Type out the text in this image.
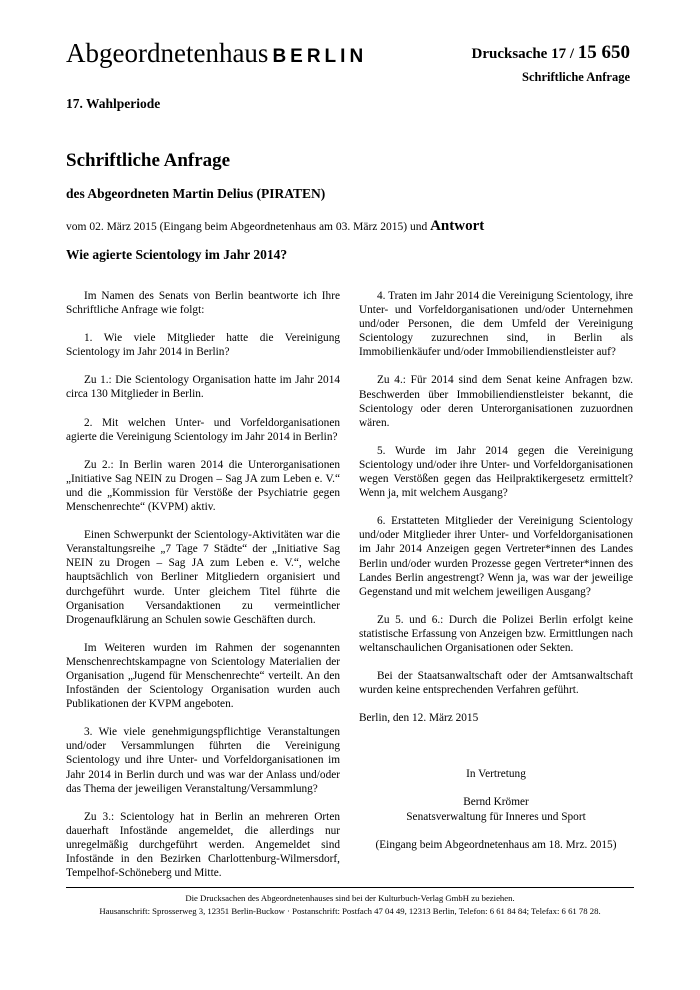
Abgeordnetenhaus BERLIN	Drucksache 17 / 15 650
Schriftliche Anfrage
17. Wahlperiode
Schriftliche Anfrage
des Abgeordneten Martin Delius (PIRATEN)
vom 02. März 2015 (Eingang beim Abgeordnetenhaus am 03. März 2015) und Antwort
Wie agierte Scientology im Jahr 2014?

Im Namen des Senats von Berlin beantworte ich Ihre Schriftliche Anfrage wie folgt:

1. Wie viele Mitglieder hatte die Vereinigung Scientology im Jahr 2014 in Berlin?

Zu 1.: Die Scientology Organisation hatte im Jahr 2014 circa 130 Mitglieder in Berlin.

2. Mit welchen Unter- und Vorfeldorganisationen agierte die Vereinigung Scientology im Jahr 2014 in Berlin?

Zu 2.: In Berlin waren 2014 die Unterorganisationen „Initiative Sag NEIN zu Drogen – Sag JA zum Leben e. V.“ und die „Kommission für Verstöße der Psychiatrie gegen Menschenrechte“ (KVPM) aktiv.

Einen Schwerpunkt der Scientology-Aktivitäten war die Veranstaltungsreihe „7 Tage 7 Städte“ der „Initiative Sag NEIN zu Drogen – Sag JA zum Leben e. V.“, welche hauptsächlich von Berliner Mitgliedern organisiert und durchgeführt wurde. Unter gleichem Titel führte die Organisation Versandaktionen zu vermeintlicher Drogenaufklärung an Schulen sowie Geschäften durch.

Im Weiteren wurden im Rahmen der sogenannten Menschenrechtskampagne von Scientology Materialien der Organisation „Jugend für Menschenrechte“ verteilt. An den Infoständen der Scientology Organisation wurden auch Publikationen der KVPM angeboten.

3. Wie viele genehmigungspflichtige Veranstaltungen und/oder Versammlungen führten die Vereinigung Scientology und ihre Unter- und Vorfeldorganisationen im Jahr 2014 in Berlin durch und was war der Anlass und/oder das Thema der jeweiligen Veranstaltung/Versammlung?

Zu 3.: Scientology hat in Berlin an mehreren Orten dauerhaft Infostände angemeldet, die allerdings nur unregelmäßig durchgeführt werden. Angemeldet sind Infostände in den Bezirken Charlottenburg-Wilmersdorf, Tempelhof-Schöneberg und Mitte.

4. Traten im Jahr 2014 die Vereinigung Scientology, ihre Unter- und Vorfeldorganisationen und/oder Unternehmen und/oder Personen, die dem Umfeld der Vereinigung Scientology zuzurechnen sind, in Berlin als Immobilienkäufer und/oder Immobiliendienstleister auf?

Zu 4.: Für 2014 sind dem Senat keine Anfragen bzw. Beschwerden über Immobiliendienstleister bekannt, die Scientology oder deren Unterorganisationen zuzuordnen wären.

5. Wurde im Jahr 2014 gegen die Vereinigung Scientology und/oder ihre Unter- und Vorfeldorganisationen wegen Verstößen gegen das Heilpraktikergesetz ermittelt? Wenn ja, mit welchem Ausgang?

6. Erstatteten Mitglieder der Vereinigung Scientology und/oder Mitglieder ihrer Unter- und Vorfeldorganisationen im Jahr 2014 Anzeigen gegen Vertreter*innen des Landes Berlin und/oder wurden Prozesse gegen Vertreter*innen des Landes Berlin angestrengt? Wenn ja, was war der jeweilige Gegenstand und mit welchem jeweiligen Ausgang?

Zu 5. und 6.: Durch die Polizei Berlin erfolgt keine statistische Erfassung von Anzeigen bzw. Ermittlungen nach weltanschaulichen Organisationen oder Sekten.

Bei der Staatsanwaltschaft oder der Amtsanwaltschaft wurden keine entsprechenden Verfahren geführt.

Berlin, den 12. März 2015

In Vertretung

Bernd Krömer

Senatsverwaltung für Inneres und Sport

(Eingang beim Abgeordnetenhaus am 18. Mrz. 2015)

Die Drucksachen des Abgeordnetenhauses sind bei der Kulturbuch-Verlag GmbH zu beziehen.
Hausanschrift: Sprosserweg 3, 12351 Berlin-Buckow · Postanschrift: Postfach 47 04 49, 12313 Berlin, Telefon: 6 61 84 84; Telefax: 6 61 78 28.
